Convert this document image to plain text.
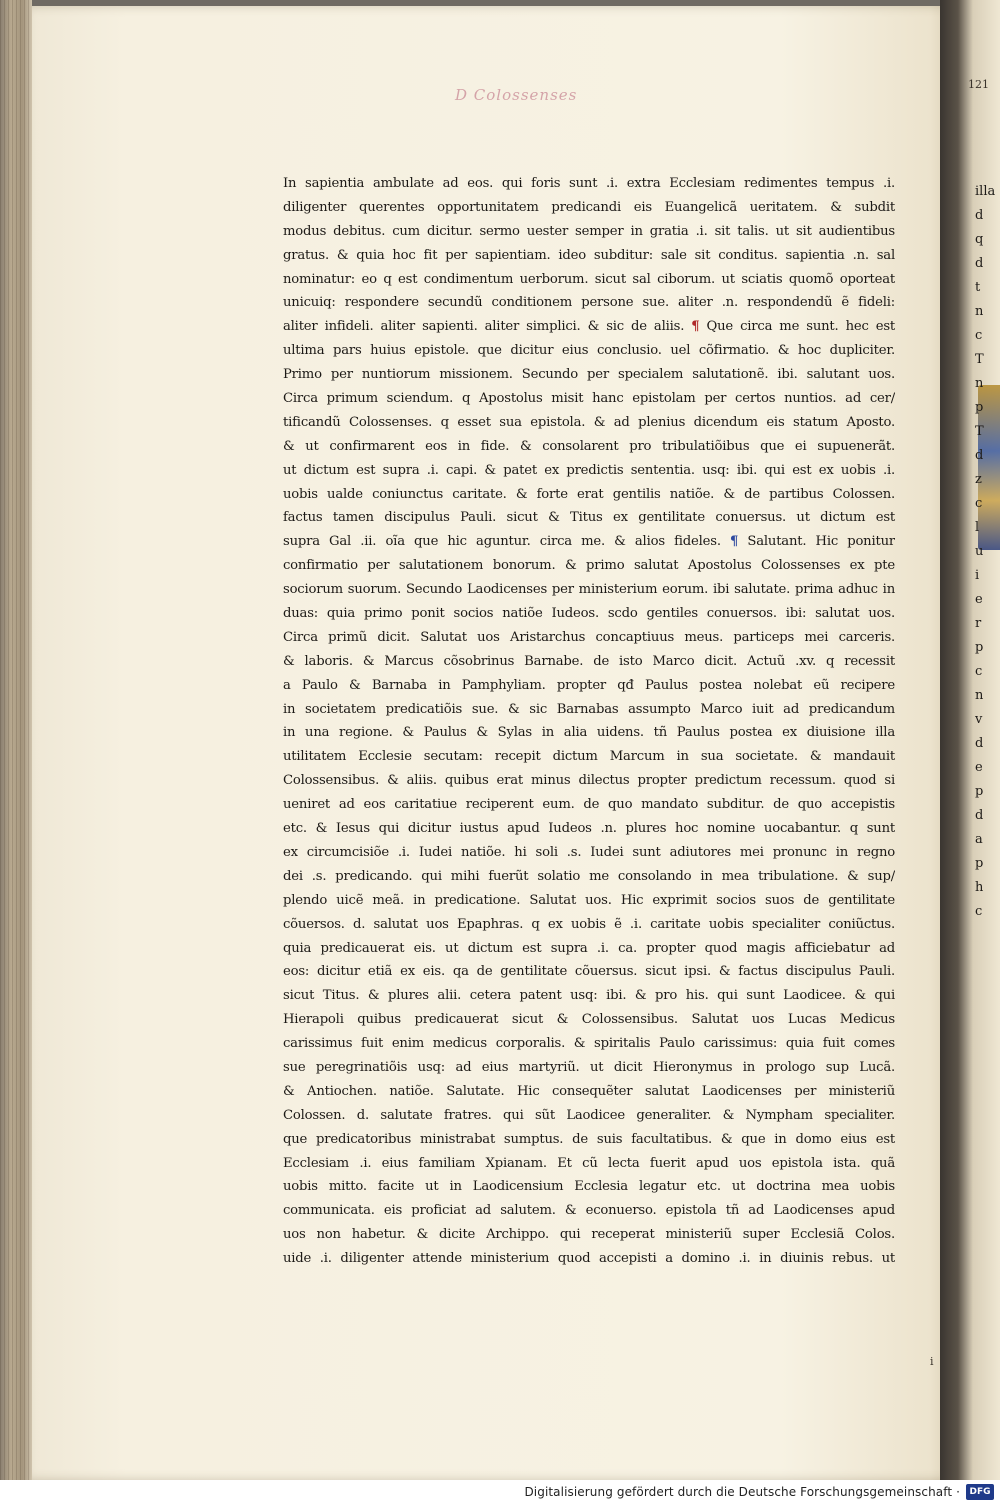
illa
d
q
d
t
n
c
T
n
p
T
d
z
c
l
u
i
e
r
p
c
n
v
d
e
p
d
a
p
h
c
D Colossenses
121
In sapientia ambulate ad eos. qui foris sunt .i. extra Ecclesiam redimentes tempus .i.
diligenter querentes opportunitatem predicandi eis Euangelicã ueritatem. & subdit
modus debitus. cum dicitur. sermo uester semper in gratia .i. sit talis. ut sit audientibus
gratus. & quia hoc fit per sapientiam. ideo subditur: sale sit conditus. sapientia .n. sal
nominatur: eo q est condimentum uerborum. sicut sal ciborum. ut sciatis quomõ oporteat
unicuiq: respondere secundũ conditionem persone sue. aliter .n. respondendũ ẽ fideli:
aliter infideli. aliter sapienti. aliter simplici. & sic de aliis. ¶ Que circa me sunt. hec est
ultima pars huius epistole. que dicitur eius conclusio. uel cõfirmatio. & hoc dupliciter.
Primo per nuntiorum missionem. Secundo per specialem salutationẽ. ibi. salutant uos.
Circa primum sciendum. q Apostolus misit hanc epistolam per certos nuntios. ad cer/
tificandũ Colossenses. q esset sua epistola. & ad plenius dicendum eis statum Aposto.
& ut confirmarent eos in fide. & consolarent pro tribulatiõibus que ei supuenerãt.
ut dictum est supra .i. capi. & patet ex predictis sententia. usq: ibi. qui est ex uobis .i.
uobis ualde coniunctus caritate. & forte erat gentilis natiõe. & de partibus Colossen.
factus tamen discipulus Pauli. sicut & Titus ex gentilitate conuersus. ut dictum est
supra Gal .ii. oĩa que hic aguntur. circa me. & alios fideles. ¶ Salutant. Hic ponitur
confirmatio per salutationem bonorum. & primo salutat Apostolus Colossenses ex pte
sociorum suorum. Secundo Laodicenses per ministerium eorum. ibi salutate. prima adhuc in
duas: quia primo ponit socios natiõe Iudeos. scdo gentiles conuersos. ibi: salutat uos.
Circa primũ dicit. Salutat uos Aristarchus concaptiuus meus. particeps mei carceris.
& laboris. & Marcus cõsobrinus Barnabe. de isto Marco dicit. Actuũ .xv. q recessit
a Paulo & Barnaba in Pamphyliam. propter qđ Paulus postea nolebat eũ recipere
in societatem predicatiõis sue. & sic Barnabas assumpto Marco iuit ad predicandum
in una regione. & Paulus & Sylas in alia uidens. tñ Paulus postea ex diuisione illa
utilitatem Ecclesie secutam: recepit dictum Marcum in sua societate. & mandauit
Colossensibus. & aliis. quibus erat minus dilectus propter predictum recessum. quod si
ueniret ad eos caritatiue reciperent eum. de quo mandato subditur. de quo accepistis
etc. & Iesus qui dicitur iustus apud Iudeos .n. plures hoc nomine uocabantur. q sunt
ex circumcisiõe .i. Iudei natiõe. hi soli .s. Iudei sunt adiutores mei pronunc in regno
dei .s. predicando. qui mihi fuerũt solatio me consolando in mea tribulatione. & sup/
plendo uicẽ meã. in predicatione. Salutat uos. Hic exprimit socios suos de gentilitate
cõuersos. d. salutat uos Epaphras. q ex uobis ẽ .i. caritate uobis specialiter coniũctus.
quia predicauerat eis. ut dictum est supra .i. ca. propter quod magis afficiebatur ad
eos: dicitur etiã ex eis. qa de gentilitate cõuersus. sicut ipsi. & factus discipulus Pauli.
sicut Titus. & plures alii. cetera patent usq: ibi. & pro his. qui sunt Laodicee. & qui
Hierapoli quibus predicauerat sicut & Colossensibus. Salutat uos Lucas Medicus
carissimus fuit enim medicus corporalis. & spiritalis Paulo carissimus: quia fuit comes
sue peregrinatiõis usq: ad eius martyriũ. ut dicit Hieronymus in prologo sup Lucã.
& Antiochen. natiõe. Salutate. Hic consequẽter salutat Laodicenses per ministeriũ
Colossen. d. salutate fratres. qui sũt Laodicee generaliter. & Nympham specialiter.
que predicatoribus ministrabat sumptus. de suis facultatibus. & que in domo eius est
Ecclesiam .i. eius familiam Xpianam. Et cũ lecta fuerit apud uos epistola ista. quã
uobis mitto. facite ut in Laodicensium Ecclesia legatur etc. ut doctrina mea uobis
communicata. eis proficiat ad salutem. & econuerso. epistola tñ ad Laodicenses apud
uos non habetur. & dicite Archippo. qui receperat ministeriũ super Ecclesiã Colos.
uide .i. diligenter attende ministerium quod accepisti a domino .i. in diuinis rebus. ut
i
Digitalisierung gefördert durch die Deutsche Forschungsgemeinschaft ·	DFG
